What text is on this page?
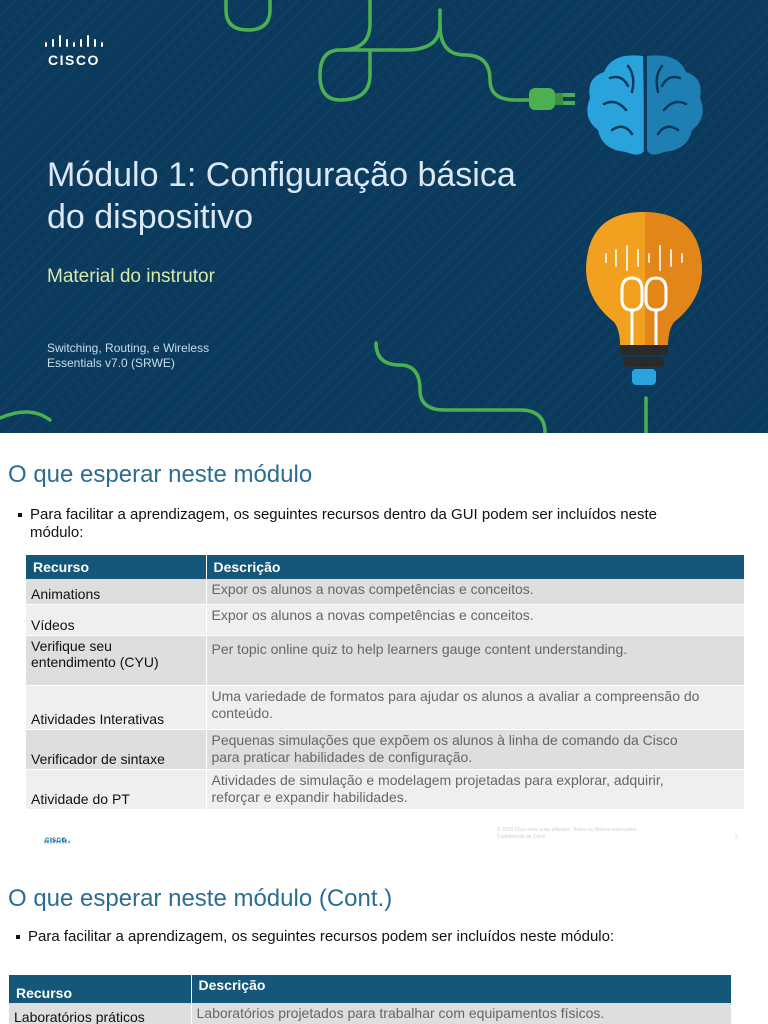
CISCO
Módulo 1: Configuração básica
do dispositivo
Material do instrutor
Switching, Routing, e Wireless
Essentials v7.0 (SRWE)
O que esperar neste módulo
Para facilitar a aprendizagem, os seguintes recursos dentro da GUI podem ser incluídos neste
módulo:
Recurso	Descrição
Animations	Expor os alunos a novas competências e conceitos.
Vídeos	Expor os alunos a novas competências e conceitos.
Verifique seu
entendimento (CYU)	Per topic online quiz to help learners gauge content understanding.
Atividades Interativas	Uma variedade de formatos para ajudar os alunos a avaliar a compreensão do
conteúdo.
Verificador de sintaxe	Pequenas simulações que expõem os alunos à linha de comando da Cisco
para praticar habilidades de configuração.
Atividade do PT	Atividades de simulação e modelagem projetadas para explorar, adquirir,
reforçar e expandir habilidades.
CISCO
© 2016 Cisco e/ou suas afiliadas. Todos os direitos reservados.
Confidencial da Cisco	2
O que esperar neste módulo (Cont.)
Para facilitar a aprendizagem, os seguintes recursos podem ser incluídos neste módulo:
Recurso	Descrição
Laboratórios práticos	Laboratórios projetados para trabalhar com equipamentos físicos.
